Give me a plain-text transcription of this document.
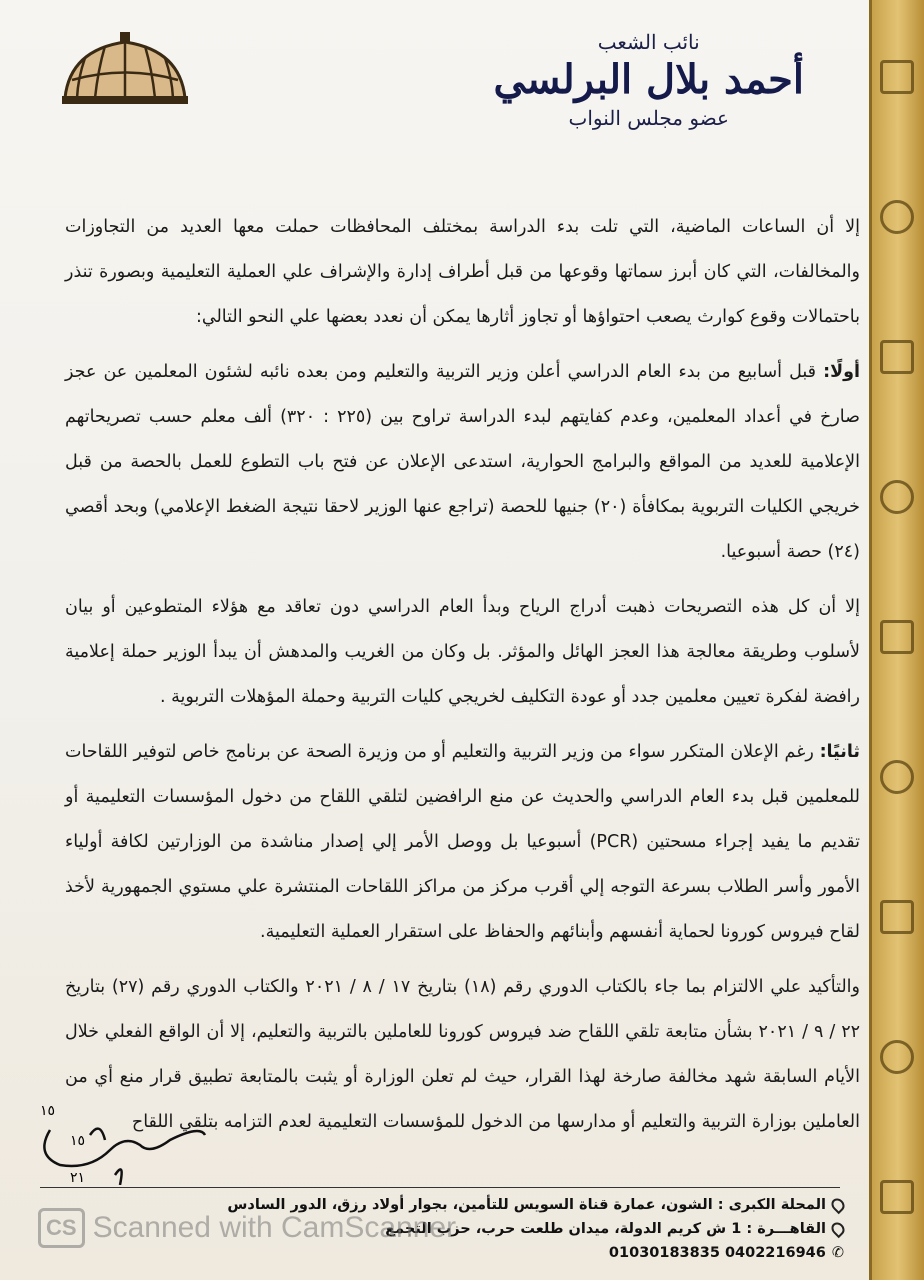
نائب الشعب
أحمد بلال البرلسي
عضو مجلس النواب

إلا أن الساعات الماضية، التي تلت بدء الدراسة بمختلف المحافظات حملت معها العديد من التجاوزات والمخالفات، التي كان أبرز سماتها وقوعها من قبل أطراف إدارة والإشراف علي العملية التعليمية وبصورة تنذر باحتمالات وقوع كوارث يصعب احتواؤها أو تجاوز أثارها يمكن أن نعدد بعضها علي النحو التالي:

أولًا: قبل أسابيع من بدء العام الدراسي أعلن وزير التربية والتعليم ومن بعده نائبه لشئون المعلمين عن عجز صارخ في أعداد المعلمين، وعدم كفايتهم لبدء الدراسة تراوح بين (٢٢٥ : ٣٢٠) ألف معلم حسب تصريحاتهم الإعلامية للعديد من المواقع والبرامج الحوارية، استدعى الإعلان عن فتح باب التطوع للعمل بالحصة من قبل خريجي الكليات التربوية بمكافأة (٢٠) جنيها للحصة (تراجع عنها الوزير لاحقا نتيجة الضغط الإعلامي) وبحد أقصي (٢٤) حصة أسبوعيا.

إلا أن كل هذه التصريحات ذهبت أدراج الرياح وبدأ العام الدراسي دون تعاقد مع هؤلاء المتطوعين أو بيان لأسلوب وطريقة معالجة هذا العجز الهائل والمؤثر. بل وكان من الغريب والمدهش أن يبدأ الوزير حملة إعلامية رافضة لفكرة تعيين معلمين جدد أو عودة التكليف لخريجي كليات التربية وحملة المؤهلات التربوية .

ثانيًا: رغم الإعلان المتكرر سواء من وزير التربية والتعليم أو من وزيرة الصحة عن برنامج خاص لتوفير اللقاحات للمعلمين قبل بدء العام الدراسي والحديث عن منع الرافضين لتلقي اللقاح من دخول المؤسسات التعليمية أو تقديم ما يفيد إجراء مسحتين (PCR) أسبوعيا بل ووصل الأمر إلي إصدار مناشدة من الوزارتين لكافة أولياء الأمور وأسر الطلاب بسرعة التوجه إلي أقرب مركز من مراكز اللقاحات المنتشرة علي مستوي الجمهورية لأخذ لقاح فيروس كورونا لحماية أنفسهم وأبنائهم والحفاظ على استقرار العملية التعليمية.

والتأكيد علي الالتزام بما جاء بالكتاب الدوري رقم (١٨) بتاريخ ١٧ / ٨ / ٢٠٢١ والكتاب الدوري رقم (٢٧) بتاريخ ٢٢ / ٩ / ٢٠٢١ بشأن متابعة تلقي اللقاح ضد فيروس كورونا للعاملين بالتربية والتعليم، إلا أن الواقع الفعلي خلال الأيام السابقة شهد مخالفة صارخة لهذا القرار، حيث لم تعلن الوزارة أو يثبت بالمتابعة تطبيق قرار منع أي من العاملين بوزارة التربية والتعليم أو مدارسها من الدخول للمؤسسات التعليمية لعدم التزامه بتلقي اللقاح

١٥
١٥
٢١
المحلة الكبرى : الشون، عمارة قناة السويس للتأمين، بجوار أولاد رزق، الدور السادس
القاهـــرة : 1 ش كريم الدولة، ميدان طلعت حرب، حزب التجمع
✆
01030183835 0402216946
CS Scanned with CamScanner
